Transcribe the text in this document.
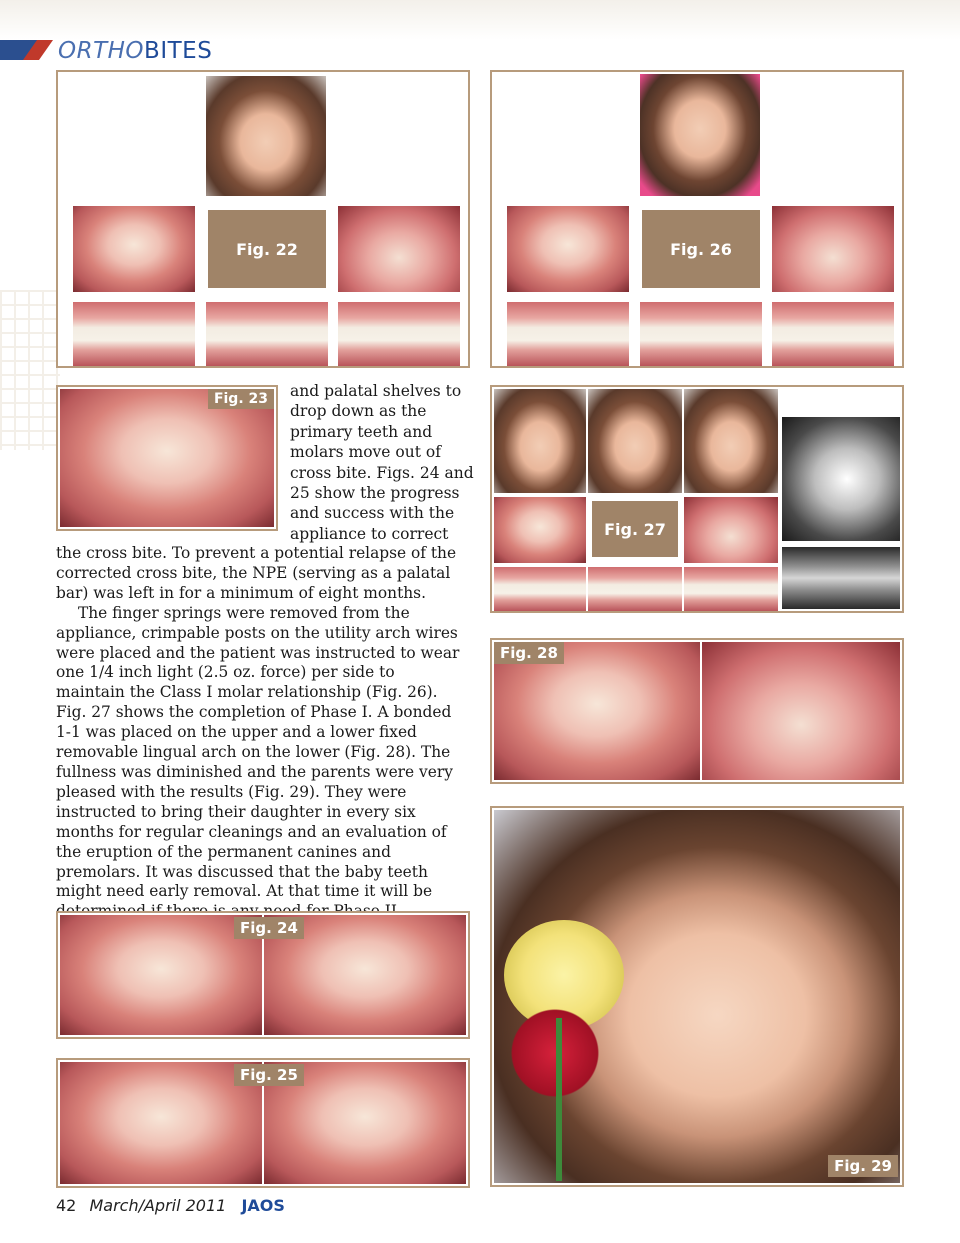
ORTHOBITES
Fig. 22	Fig. 26
Fig. 23	and palatal shelves to
drop down as the
primary teeth and
molars move out of
cross bite. Figs. 24 and
25 show the progress
and success with the
appliance to correct

the cross bite. To prevent a potential relapse of the corrected cross bite, the NPE (serving as a palatal bar) was left in for a minimum of eight months.

The finger springs were removed from the appliance, crimpable posts on the utility arch wires were placed and the patient was instructed to wear one 1/4 inch light (2.5 oz. force) per side to maintain the Class I molar relationship (Fig. 26). Fig. 27 shows the completion of Phase I. A bonded 1-1 was placed on the upper and a lower fixed removable lingual arch on the lower (Fig. 28). The fullness was diminished and the parents were very pleased with the results (Fig. 29). They were instructed to bring their daughter in every six months for regular cleanings and an evaluation of the eruption of the permanent canines and premolars. It was discussed that the baby teeth might need early removal. At that time it will be

Fig. 27
Fig. 28
Fig. 29
Fig. 24
Fig. 25
42 March/April 2011 JAOS
